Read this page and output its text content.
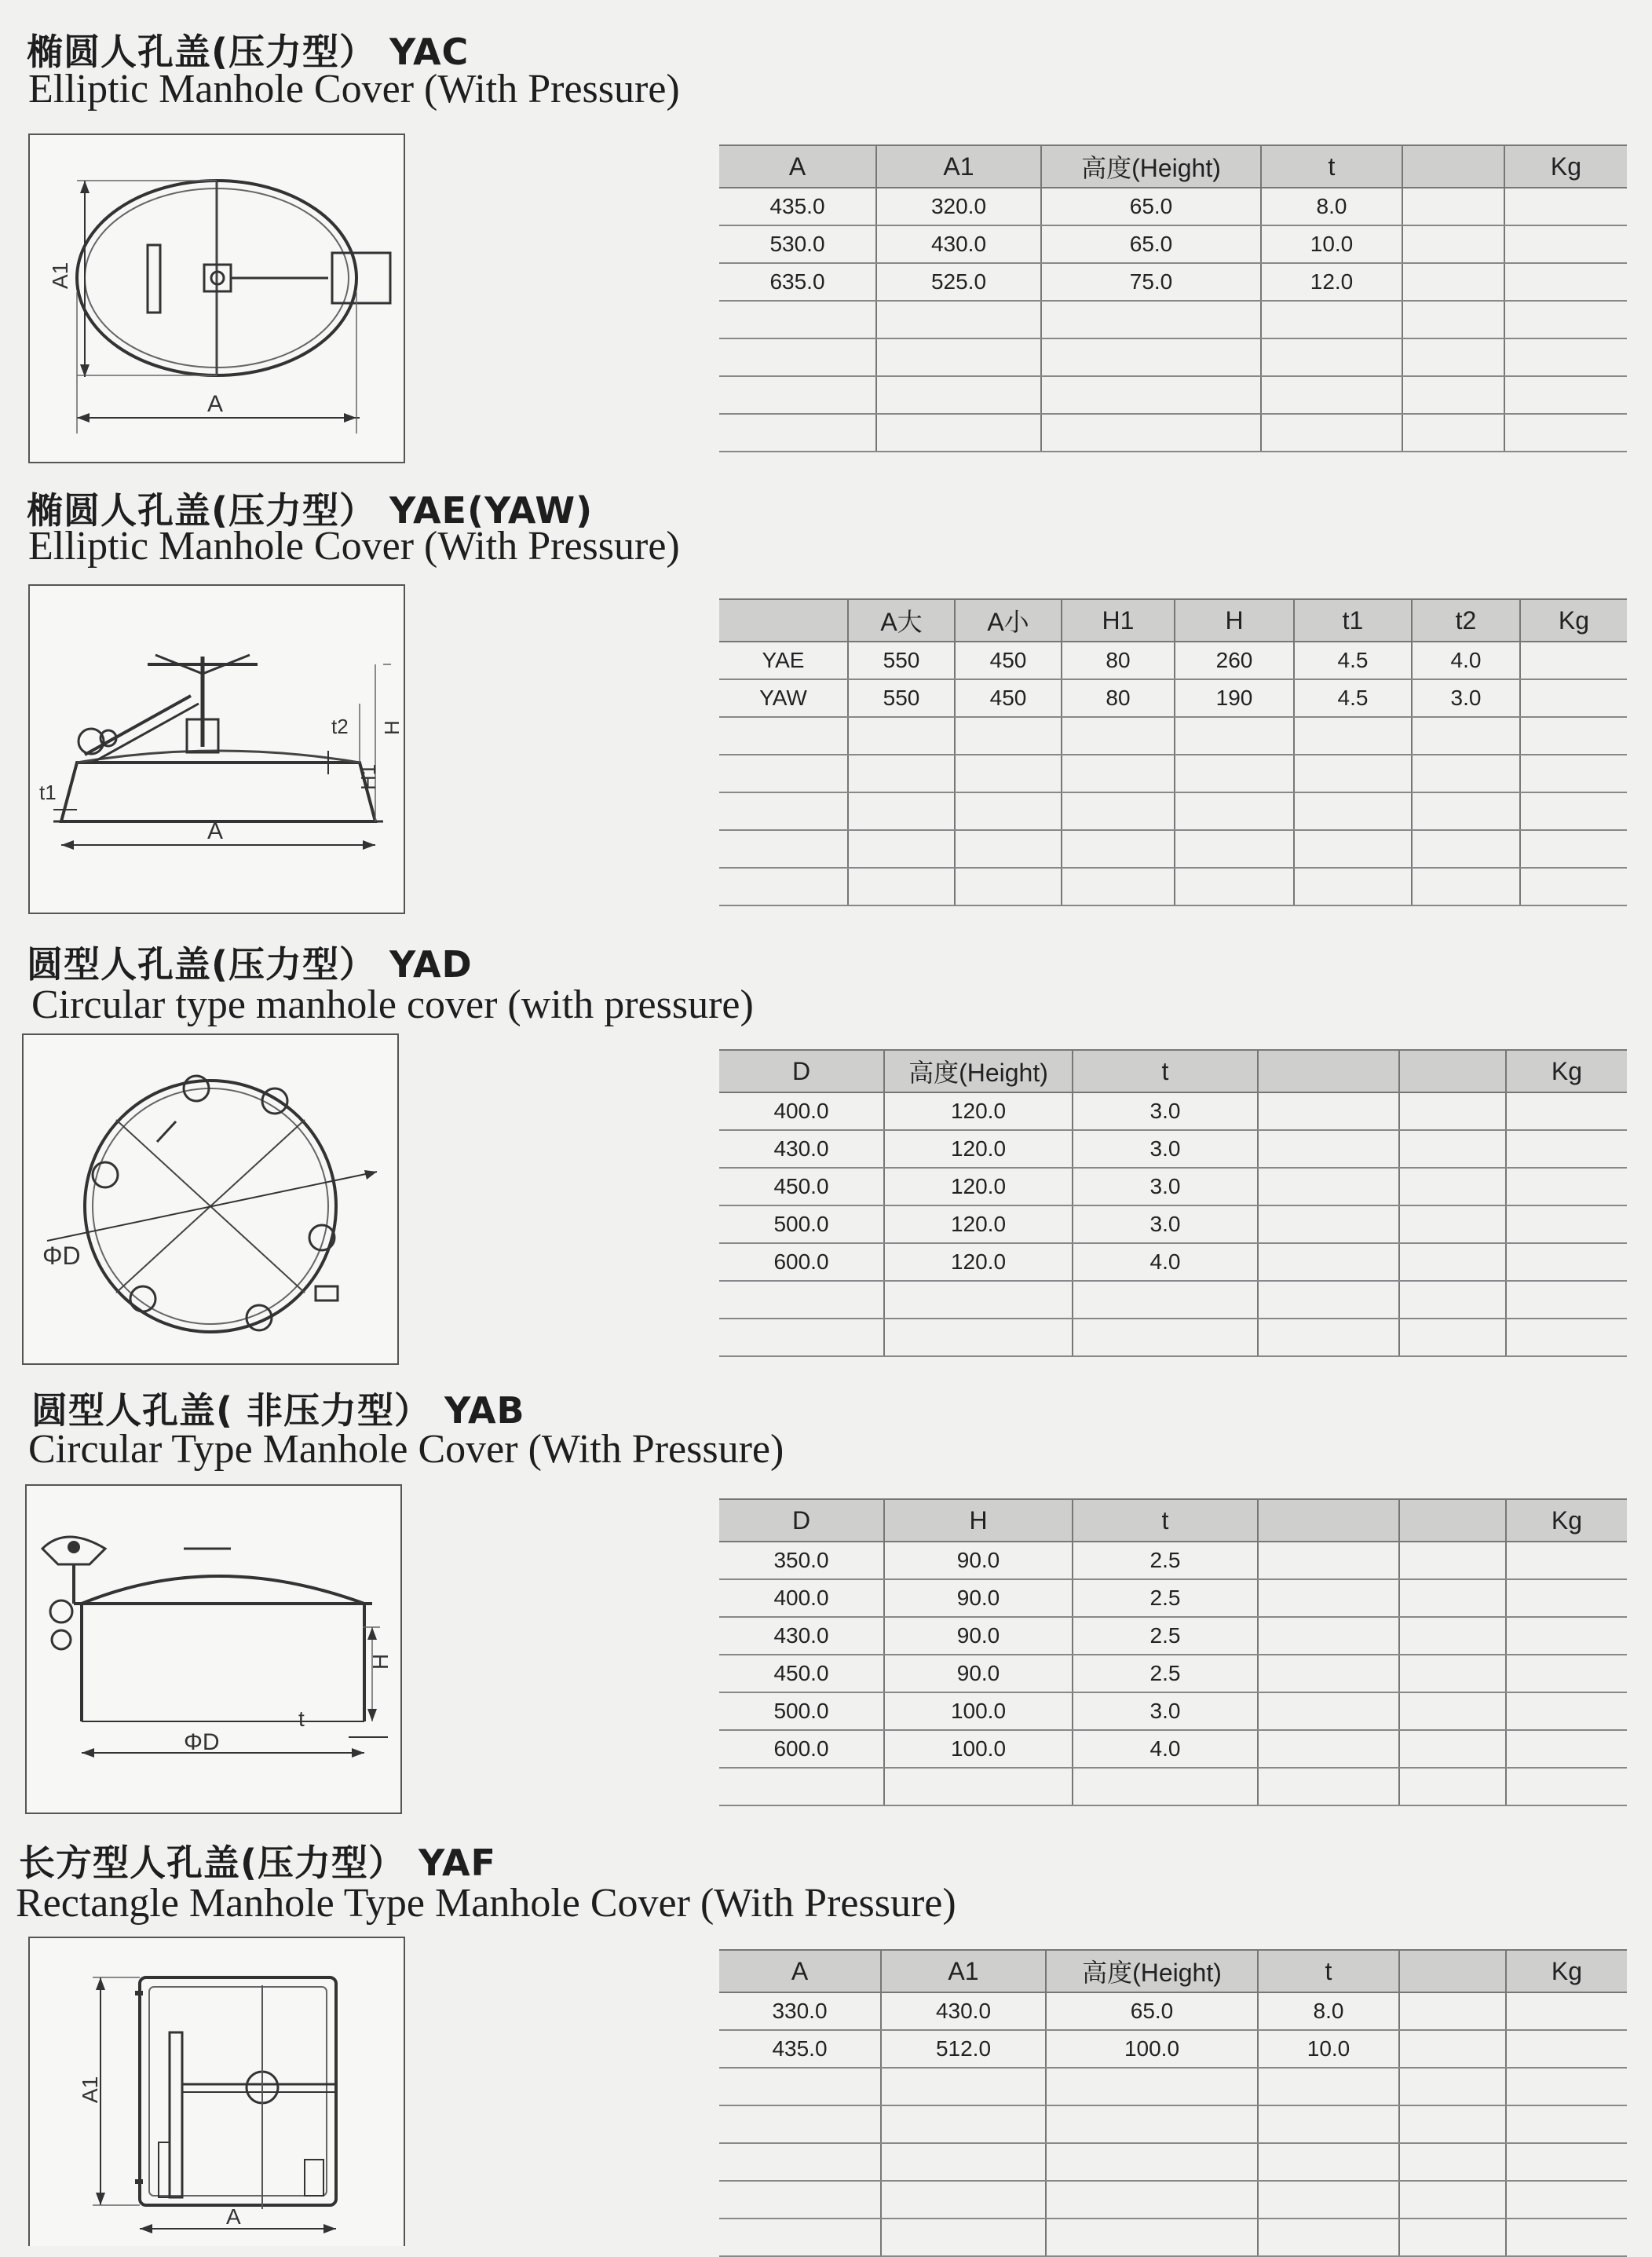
椭圆人孔盖(压力型） YAC
Elliptic Manhole Cover (With Pressure)
A1
A
A	A1	高度(Height)	t		Kg
435.0	320.0	65.0	8.0		
530.0	430.0	65.0	10.0		
635.0	525.0	75.0	12.0		

椭圆人孔盖(压力型） YAE(YAW)
Elliptic Manhole Cover (With Pressure)
t2
t1
A
H
H1
	A大	A小	H1	H	t1	t2	Kg
YAE	550	450	80	260	4.5	4.0	
YAW	550	450	80	190	4.5	3.0	

圆型人孔盖(压力型） YAD
Circular type manhole cover (with pressure)
ΦD
D	高度(Height)	t			Kg
400.0	120.0	3.0			
430.0	120.0	3.0			
450.0	120.0	3.0			
500.0	120.0	3.0			
600.0	120.0	4.0			

圆型人孔盖( 非压力型） YAB
Circular Type Manhole Cover (With Pressure)
H
t
ΦD
D	H	t			Kg
350.0	90.0	2.5			
400.0	90.0	2.5			
430.0	90.0	2.5			
450.0	90.0	2.5			
500.0	100.0	3.0			
600.0	100.0	4.0			

长方型人孔盖(压力型） YAF
Rectangle Manhole Type Manhole Cover (With Pressure)
A1
A
A	A1	高度(Height)	t		Kg
330.0	430.0	65.0	8.0		
435.0	512.0	100.0	10.0		
